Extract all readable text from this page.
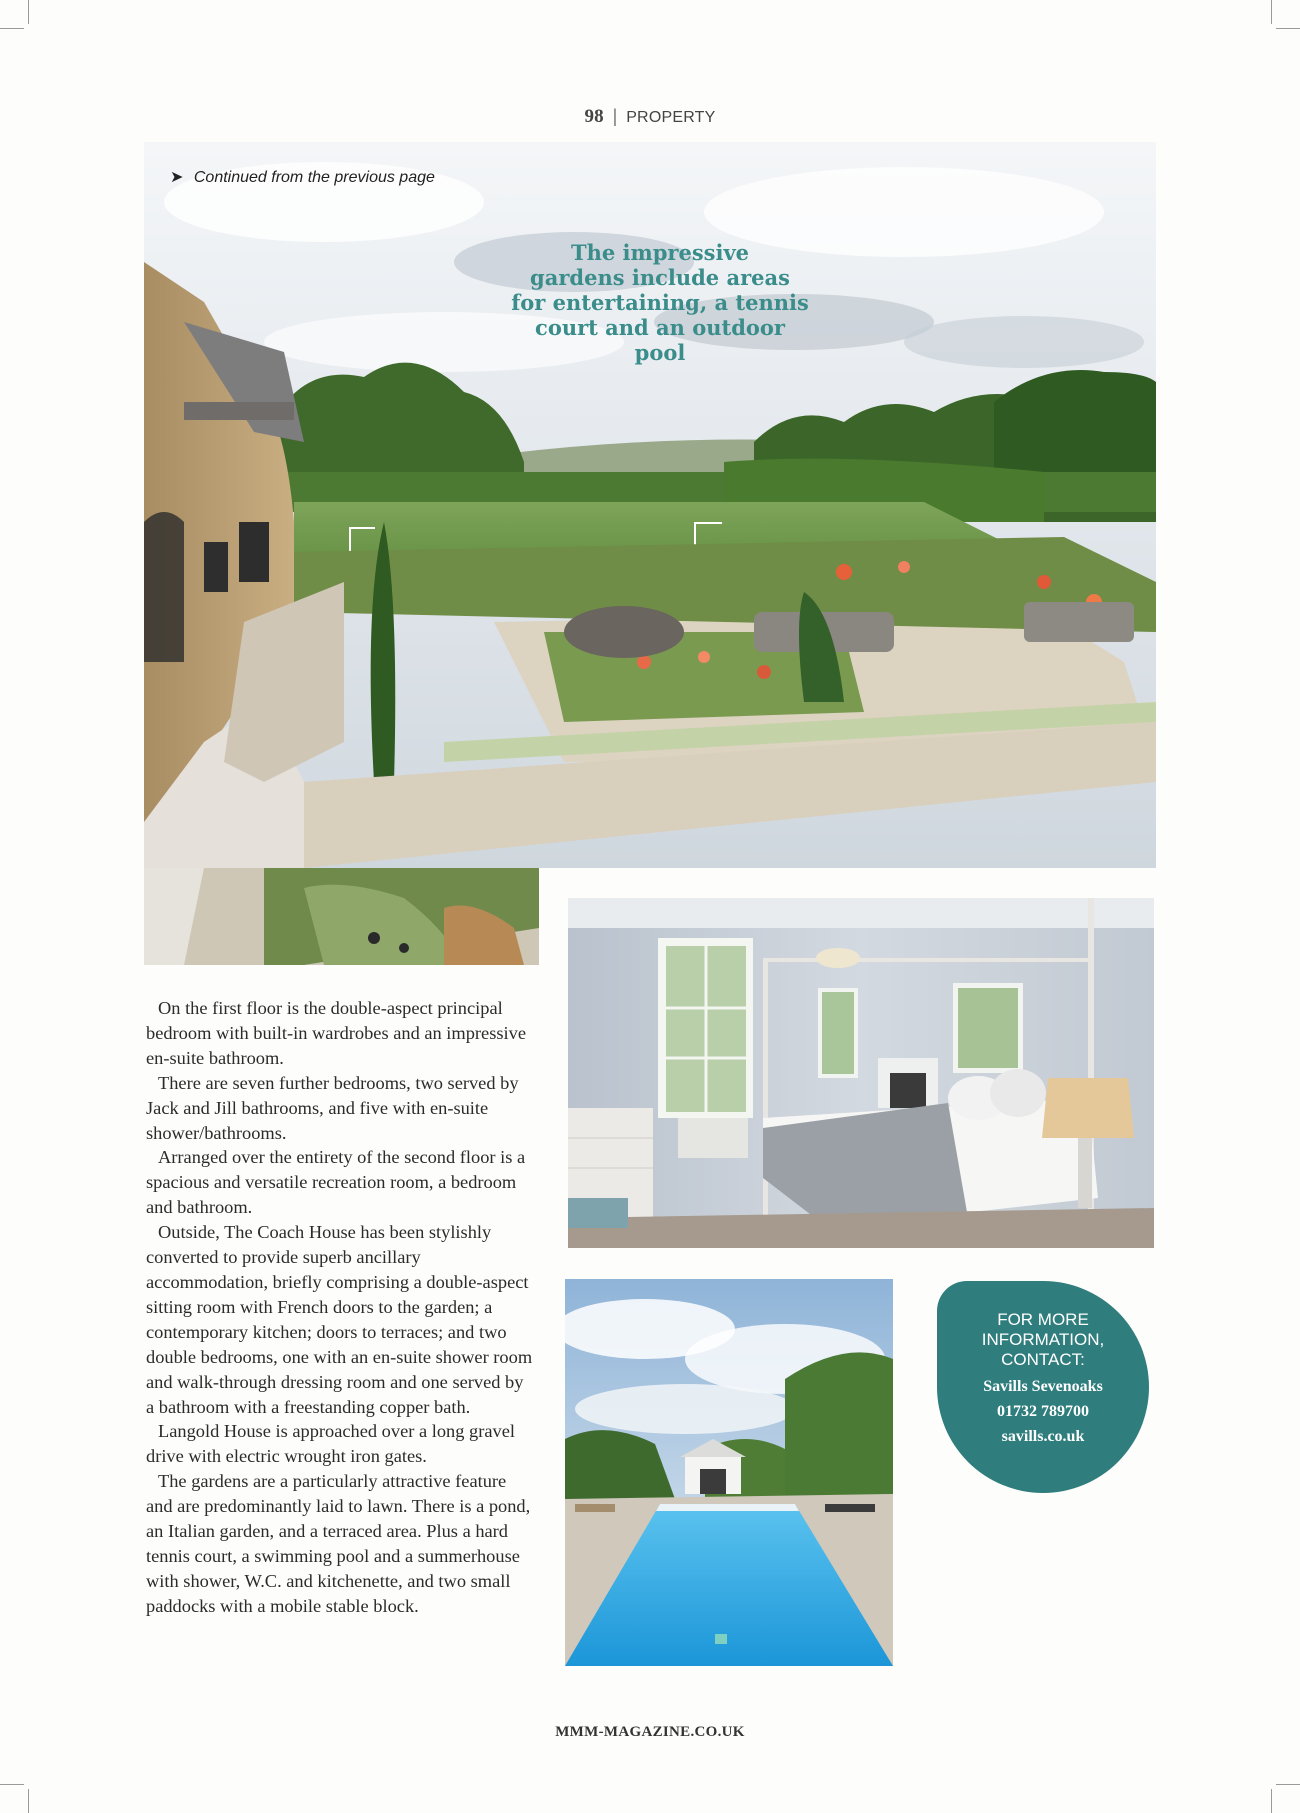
98 | PROPERTY
➤ Continued from the previous page
The impressive
gardens include areas
for entertaining, a tennis
court and an outdoor pool

On the first floor is the double-aspect principal bedroom with built-in wardrobes and an impressive en-suite bathroom.

There are seven further bedrooms, two served by Jack and Jill bathrooms, and five with en-suite shower/bathrooms.

Arranged over the entirety of the second floor is a spacious and versatile recreation room, a bedroom and bathroom.

Outside, The Coach House has been stylishly converted to provide superb ancillary accommodation, briefly comprising a double-aspect sitting room with French doors to the garden; a contemporary kitchen; doors to terraces; and two double bedrooms, one with an en-suite shower room and walk-through dressing room and one served by a bathroom with a freestanding copper bath.

Langold House is approached over a long gravel drive with electric wrought iron gates.

The gardens are a particularly attractive feature and are predominantly laid to lawn. There is a pond, an Italian garden, and a terraced area. Plus a hard tennis court, a swimming pool and a summerhouse with shower, W.C. and kitchenette, and two small paddocks with a mobile stable block.

FOR MORE
INFORMATION,
CONTACT:
Savills Sevenoaks
01732 789700
savills.co.uk
MMM-MAGAZINE.CO.UK
